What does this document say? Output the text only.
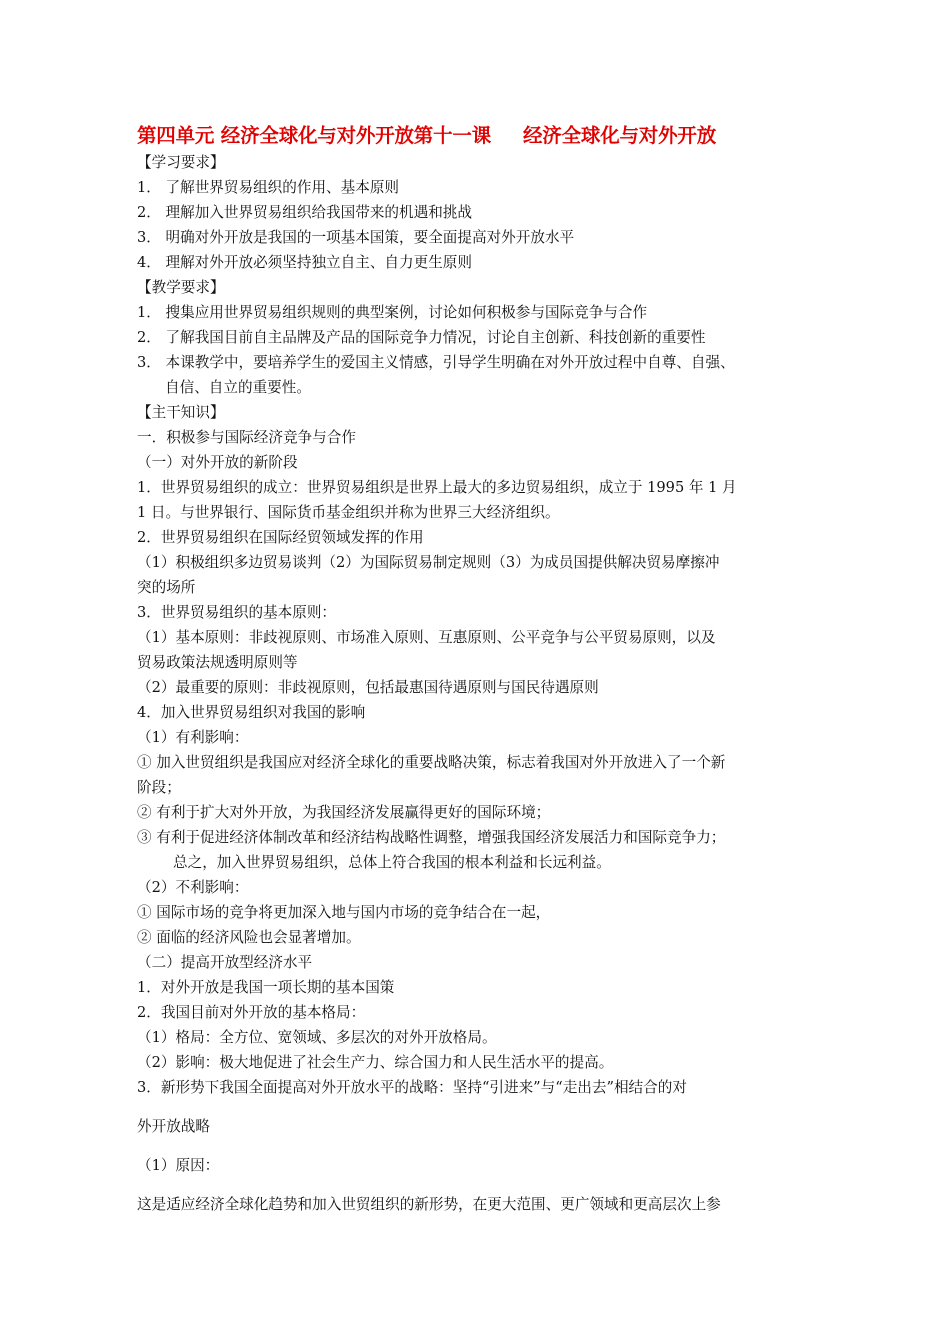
第四单元 经济全球化与对外开放第十一课 经济全球化与对外开放
【学习要求】
1． 了解世界贸易组织的作用、基本原则
2． 理解加入世界贸易组织给我国带来的机遇和挑战
3． 明确对外开放是我国的一项基本国策，要全面提高对外开放水平
4． 理解对外开放必须坚持独立自主、自力更生原则
【教学要求】
1． 搜集应用世界贸易组织规则的典型案例，讨论如何积极参与国际竞争与合作
2． 了解我国目前自主品牌及产品的国际竞争力情况，讨论自主创新、科技创新的重要性
3． 本课教学中，要培养学生的爱国主义情感，引导学生明确在对外开放过程中自尊、自强、
自信、自立的重要性。
【主干知识】
一．积极参与国际经济竞争与合作
（一）对外开放的新阶段
1．世界贸易组织的成立：世界贸易组织是世界上最大的多边贸易组织，成立于 1995 年 1 月
1 日。与世界银行、国际货币基金组织并称为世界三大经济组织。
2．世界贸易组织在国际经贸领域发挥的作用
（1）积极组织多边贸易谈判（2）为国际贸易制定规则（3）为成员国提供解决贸易摩擦冲
突的场所
3．世界贸易组织的基本原则：
（1）基本原则：非歧视原则、市场准入原则、互惠原则、公平竞争与公平贸易原则，以及
贸易政策法规透明原则等
（2）最重要的原则：非歧视原则，包括最惠国待遇原则与国民待遇原则
4．加入世界贸易组织对我国的影响
（1）有利影响：
① 加入世贸组织是我国应对经济全球化的重要战略决策，标志着我国对外开放进入了一个新
阶段；
② 有利于扩大对外开放，为我国经济发展赢得更好的国际环境；
③ 有利于促进经济体制改革和经济结构战略性调整，增强我国经济发展活力和国际竞争力；
总之，加入世界贸易组织，总体上符合我国的根本利益和长远利益。
（2）不利影响：
① 国际市场的竞争将更加深入地与国内市场的竞争结合在一起，
② 面临的经济风险也会显著增加。
（二）提高开放型经济水平
1．对外开放是我国一项长期的基本国策
2．我国目前对外开放的基本格局：
（1）格局：全方位、宽领域、多层次的对外开放格局。
（2）影响：极大地促进了社会生产力、综合国力和人民生活水平的提高。
3．新形势下我国全面提高对外开放水平的战略：坚持“引进来”与“走出去”相结合的对
外开放战略
（1）原因：
这是适应经济全球化趋势和加入世贸组织的新形势，在更大范围、更广领域和更高层次上参
